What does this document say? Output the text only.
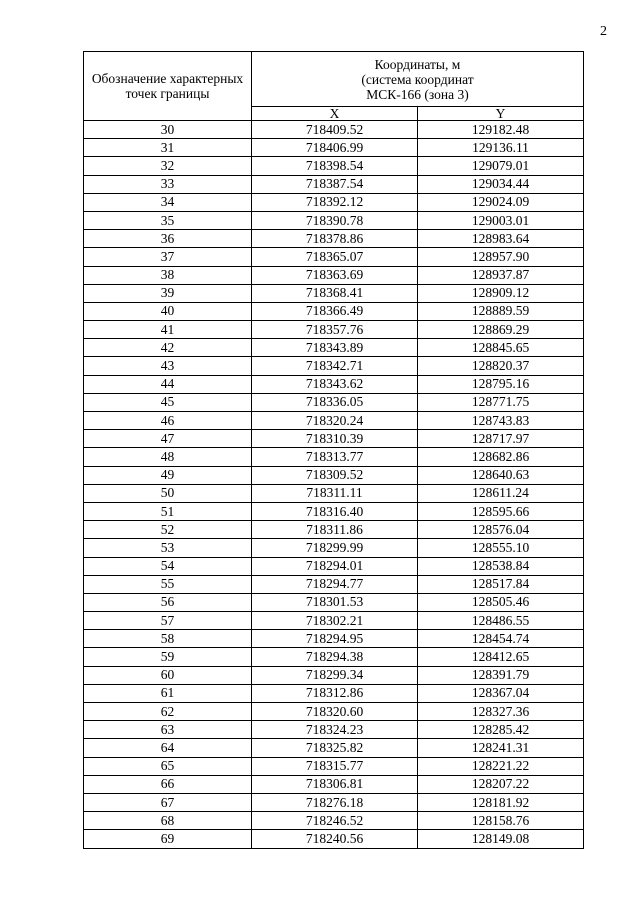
2
Обозначение характерных точек границы	Координаты, м
(система координат
МСК-166 (зона 3)	

	X	Y
30	718409.52	129182.48
31	718406.99	129136.11
32	718398.54	129079.01
33	718387.54	129034.44
34	718392.12	129024.09
35	718390.78	129003.01
36	718378.86	128983.64
37	718365.07	128957.90
38	718363.69	128937.87
39	718368.41	128909.12
40	718366.49	128889.59
41	718357.76	128869.29
42	718343.89	128845.65
43	718342.71	128820.37
44	718343.62	128795.16
45	718336.05	128771.75
46	718320.24	128743.83
47	718310.39	128717.97
48	718313.77	128682.86
49	718309.52	128640.63
50	718311.11	128611.24
51	718316.40	128595.66
52	718311.86	128576.04
53	718299.99	128555.10
54	718294.01	128538.84
55	718294.77	128517.84
56	718301.53	128505.46
57	718302.21	128486.55
58	718294.95	128454.74
59	718294.38	128412.65
60	718299.34	128391.79
61	718312.86	128367.04
62	718320.60	128327.36
63	718324.23	128285.42
64	718325.82	128241.31
65	718315.77	128221.22
66	718306.81	128207.22
67	718276.18	128181.92
68	718246.52	128158.76
69	718240.56	128149.08
